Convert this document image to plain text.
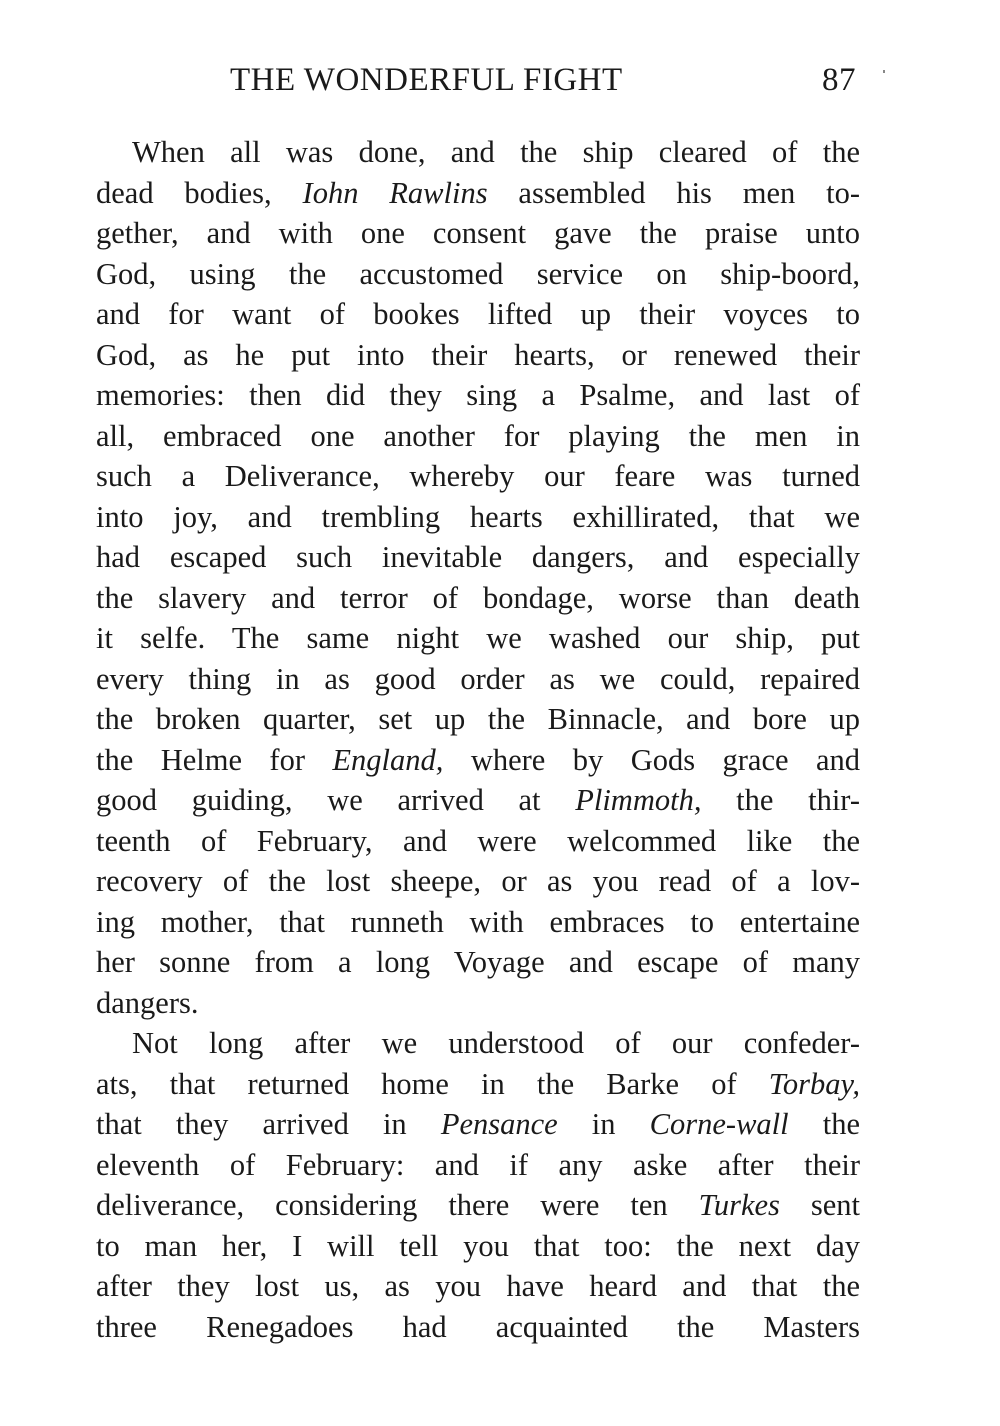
THE WONDERFUL FIGHT	87
When all was done, and the ship cleared of the
dead bodies, Iohn Rawlins assembled his men to-
gether, and with one consent gave the praise unto
God, using the accustomed service on ship-boord,
and for want of bookes lifted up their voyces to
God, as he put into their hearts, or renewed their
memories: then did they sing a Psalme, and last of
all, embraced one another for playing the men in
such a Deliverance, whereby our feare was turned
into joy, and trembling hearts exhillirated, that we
had escaped such inevitable dangers, and especially
the slavery and terror of bondage, worse than death
it selfe. The same night we washed our ship, put
every thing in as good order as we could, repaired
the broken quarter, set up the Binnacle, and bore up
the Helme for England, where by Gods grace and
good guiding, we arrived at Plimmoth, the thir-
teenth of February, and were welcommed like the
recovery of the lost sheepe, or as you read of a lov-
ing mother, that runneth with embraces to entertaine
her sonne from a long Voyage and escape of many
dangers.
Not long after we understood of our confeder-
ats, that returned home in the Barke of Torbay,
that they arrived in Pensance in Corne-wall the
eleventh of February: and if any aske after their
deliverance, considering there were ten Turkes sent
to man her, I will tell you that too: the next day
after they lost us, as you have heard and that the
three Renegadoes had acquainted the Masters
